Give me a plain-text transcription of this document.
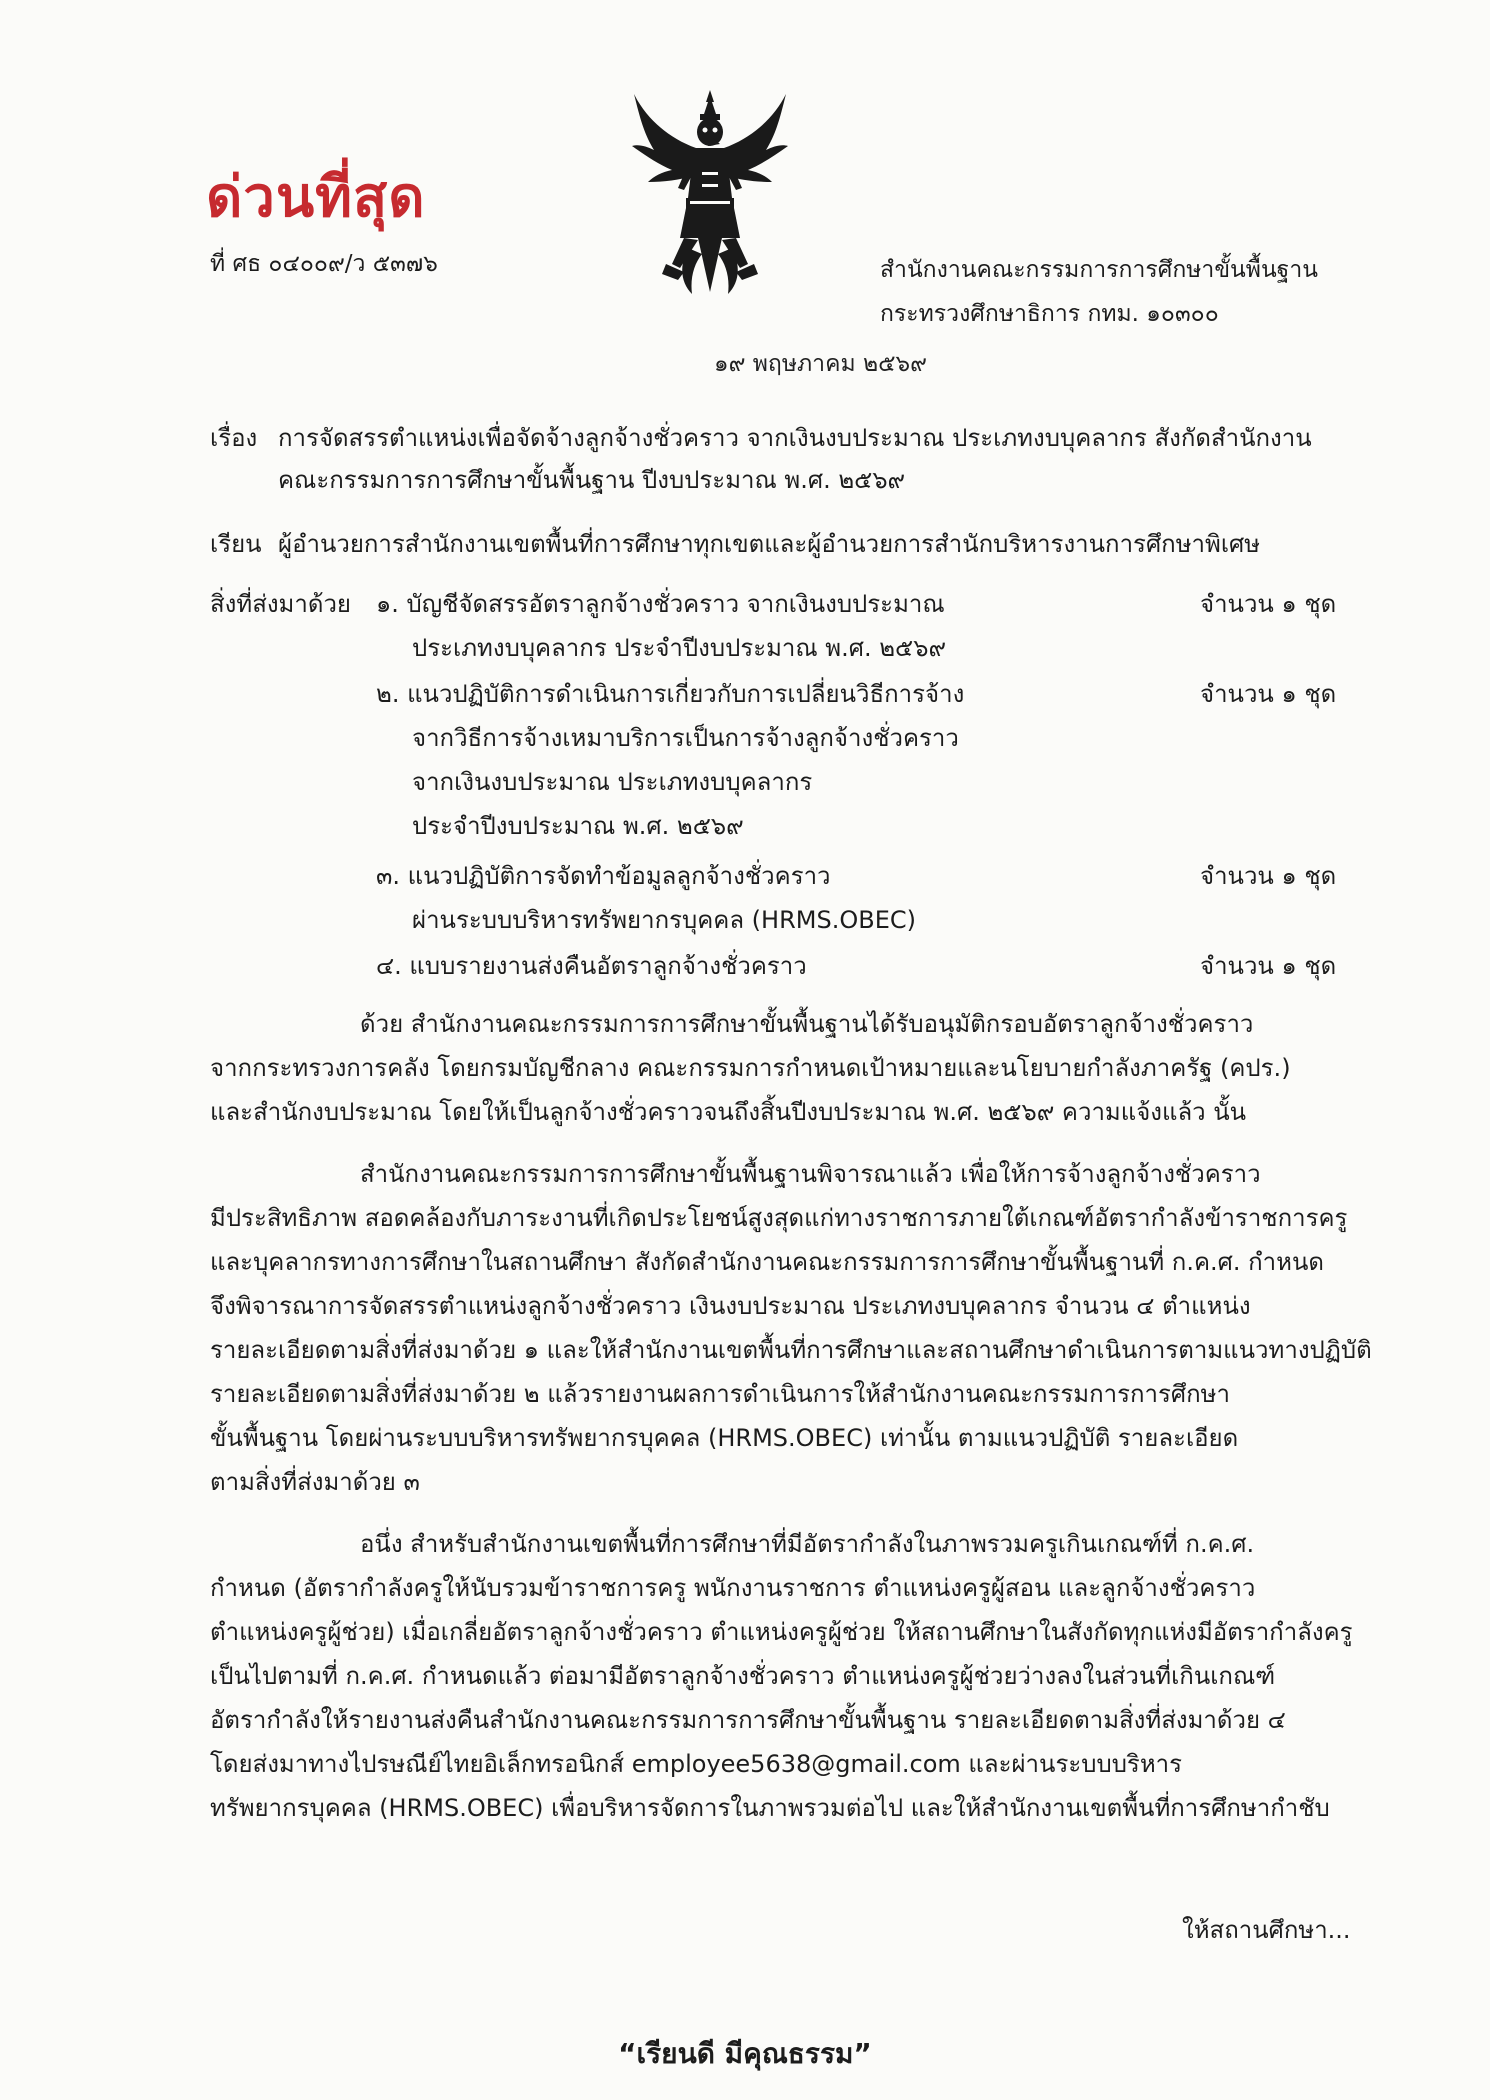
ด่วนที่สุด
ที่ ศธ ๐๔๐๐๙/ว ๕๓๗๖	สำนักงานคณะกรรมการการศึกษาขั้นพื้นฐาน
กระทรวงศึกษาธิการ กทม. ๑๐๓๐๐
๑๙ พฤษภาคม ๒๕๖๙
เรื่อง การจัดสรรตำแหน่งเพื่อจัดจ้างลูกจ้างชั่วคราว จากเงินงบประมาณ ประเภทงบบุคลากร สังกัดสำนักงาน
คณะกรรมการการศึกษาขั้นพื้นฐาน ปีงบประมาณ พ.ศ. ๒๕๖๙
เรียน ผู้อำนวยการสำนักงานเขตพื้นที่การศึกษาทุกเขตและผู้อำนวยการสำนักบริหารงานการศึกษาพิเศษ
สิ่งที่ส่งมาด้วย ๑. บัญชีจัดสรรอัตราลูกจ้างชั่วคราว จากเงินงบประมาณ
ประเภทงบบุคลากร ประจำปีงบประมาณ พ.ศ. ๒๕๖๙
จำนวน ๑ ชุด
๒. แนวปฏิบัติการดำเนินการเกี่ยวกับการเปลี่ยนวิธีการจ้าง
จากวิธีการจ้างเหมาบริการเป็นการจ้างลูกจ้างชั่วคราว
จากเงินงบประมาณ ประเภทงบบุคลากร
ประจำปีงบประมาณ พ.ศ. ๒๕๖๙
จำนวน ๑ ชุด
๓. แนวปฏิบัติการจัดทำข้อมูลลูกจ้างชั่วคราว
ผ่านระบบบริหารทรัพยากรบุคคล (HRMS.OBEC)
จำนวน ๑ ชุด
๔. แบบรายงานส่งคืนอัตราลูกจ้างชั่วคราว	จำนวน ๑ ชุด
ด้วย สำนักงานคณะกรรมการการศึกษาขั้นพื้นฐานได้รับอนุมัติกรอบอัตราลูกจ้างชั่วคราว
จากกระทรวงการคลัง โดยกรมบัญชีกลาง คณะกรรมการกำหนดเป้าหมายและนโยบายกำลังภาครัฐ (คปร.)
และสำนักงบประมาณ โดยให้เป็นลูกจ้างชั่วคราวจนถึงสิ้นปีงบประมาณ พ.ศ. ๒๕๖๙ ความแจ้งแล้ว นั้น
สำนักงานคณะกรรมการการศึกษาขั้นพื้นฐานพิจารณาแล้ว เพื่อให้การจ้างลูกจ้างชั่วคราว
มีประสิทธิภาพ สอดคล้องกับภาระงานที่เกิดประโยชน์สูงสุดแก่ทางราชการภายใต้เกณฑ์อัตรากำลังข้าราชการครู
และบุคลากรทางการศึกษาในสถานศึกษา สังกัดสำนักงานคณะกรรมการการศึกษาขั้นพื้นฐานที่ ก.ค.ศ. กำหนด
จึงพิจารณาการจัดสรรตำแหน่งลูกจ้างชั่วคราว เงินงบประมาณ ประเภทงบบุคลากร จำนวน ๔ ตำแหน่ง
รายละเอียดตามสิ่งที่ส่งมาด้วย ๑ และให้สำนักงานเขตพื้นที่การศึกษาและสถานศึกษาดำเนินการตามแนวทางปฏิบัติ
รายละเอียดตามสิ่งที่ส่งมาด้วย ๒ แล้วรายงานผลการดำเนินการให้สำนักงานคณะกรรมการการศึกษา
ขั้นพื้นฐาน โดยผ่านระบบบริหารทรัพยากรบุคคล (HRMS.OBEC) เท่านั้น ตามแนวปฏิบัติ รายละเอียด
ตามสิ่งที่ส่งมาด้วย ๓
อนึ่ง สำหรับสำนักงานเขตพื้นที่การศึกษาที่มีอัตรากำลังในภาพรวมครูเกินเกณฑ์ที่ ก.ค.ศ.
กำหนด (อัตรากำลังครูให้นับรวมข้าราชการครู พนักงานราชการ ตำแหน่งครูผู้สอน และลูกจ้างชั่วคราว
ตำแหน่งครูผู้ช่วย) เมื่อเกลี่ยอัตราลูกจ้างชั่วคราว ตำแหน่งครูผู้ช่วย ให้สถานศึกษาในสังกัดทุกแห่งมีอัตรากำลังครู
เป็นไปตามที่ ก.ค.ศ. กำหนดแล้ว ต่อมามีอัตราลูกจ้างชั่วคราว ตำแหน่งครูผู้ช่วยว่างลงในส่วนที่เกินเกณฑ์
อัตรากำลังให้รายงานส่งคืนสำนักงานคณะกรรมการการศึกษาขั้นพื้นฐาน รายละเอียดตามสิ่งที่ส่งมาด้วย ๔
โดยส่งมาทางไปรษณีย์ไทยอิเล็กทรอนิกส์ employee5638@gmail.com และผ่านระบบบริหาร
ทรัพยากรบุคคล (HRMS.OBEC) เพื่อบริหารจัดการในภาพรวมต่อไป และให้สำนักงานเขตพื้นที่การศึกษากำชับ
ให้สถานศึกษา...
“เรียนดี มีคุณธรรม”
